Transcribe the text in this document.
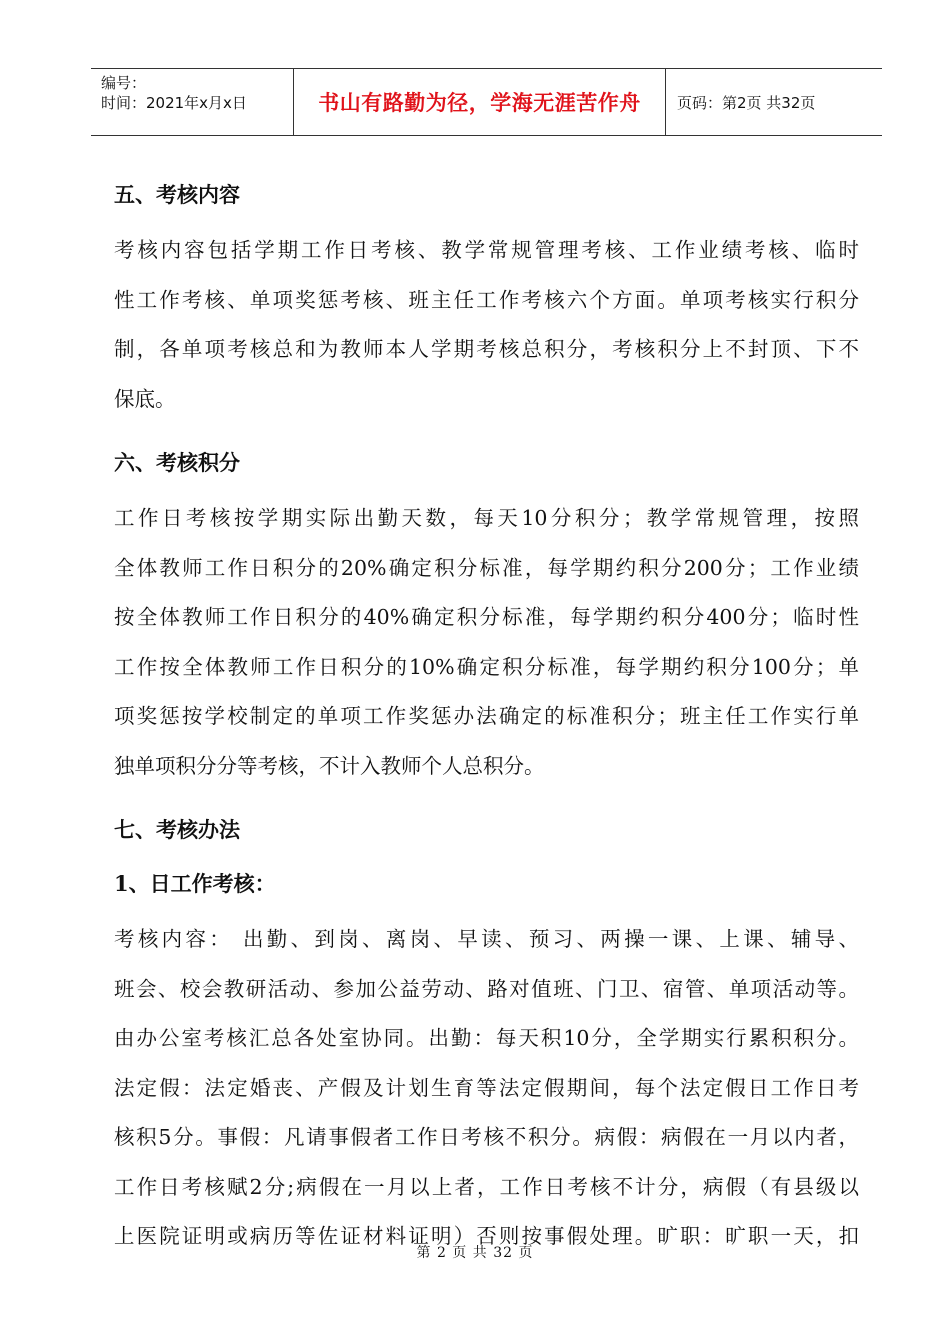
编号：
时间：2021年x月x日	书山有路勤为径，学海无涯苦作舟 页码：第2页 共32页
五、考核内容

考核内容包括学期工作日考核、教学常规管理考核、工作业绩考核、临时

性工作考核、单项奖惩考核、班主任工作考核六个方面。单项考核实行积分

制，各单项考核总和为教师本人学期考核总积分，考核积分上不封顶、下不

保底。

六、考核积分

工作日考核按学期实际出勤天数，每天10分积分；教学常规管理，按照

全体教师工作日积分的20%确定积分标准，每学期约积分200分；工作业绩

按全体教师工作日积分的40%确定积分标准，每学期约积分400分；临时性

工作按全体教师工作日积分的10%确定积分标准，每学期约积分100分；单

项奖惩按学校制定的单项工作奖惩办法确定的标准积分；班主任工作实行单

独单项积分分等考核，不计入教师个人总积分。

七、考核办法
1、日工作考核：

考核内容： 出勤、到岗、离岗、早读、预习、两操一课、上课、辅导、

班会、校会教研活动、参加公益劳动、路对值班、门卫、宿管、单项活动等。

由办公室考核汇总各处室协同。出勤：每天积10分，全学期实行累积积分。

法定假：法定婚丧、产假及计划生育等法定假期间，每个法定假日工作日考

核积5分。事假：凡请事假者工作日考核不积分。病假：病假在一月以内者，

工作日考核赋2分;病假在一月以上者，工作日考核不计分，病假（有县级以

上医院证明或病历等佐证材料证明）否则按事假处理。旷职：旷职一天，扣

第 2 页 共 32 页
